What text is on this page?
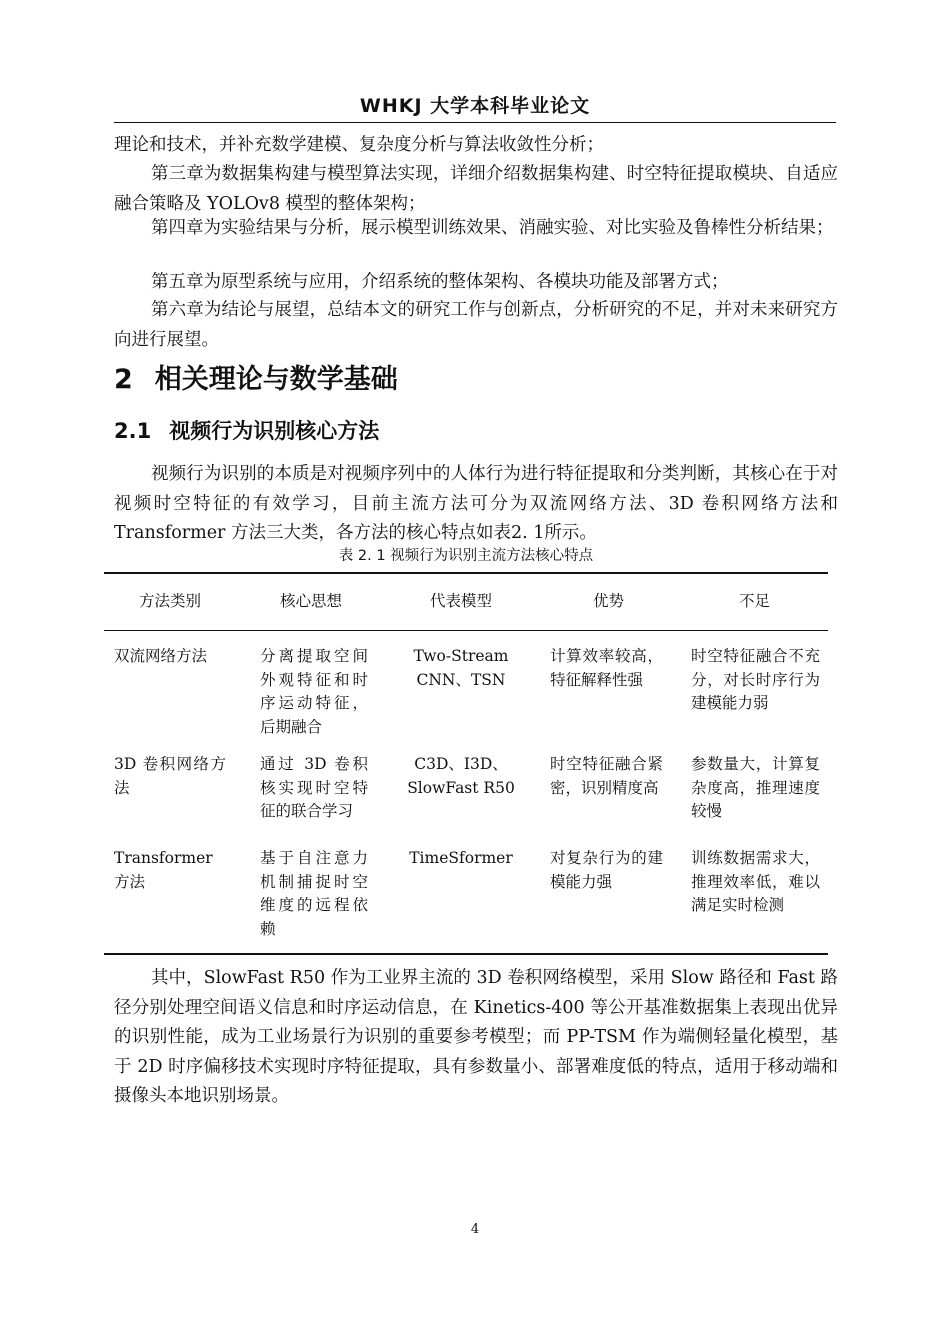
WHKJ 大学本科毕业论文

理论和技术，并补充数学建模、复杂度分析与算法收敛性分析；

第三章为数据集构建与模型算法实现，详细介绍数据集构建、时空特征提取模块、自适应融合策略及 YOLOv8 模型的整体架构；

第四章为实验结果与分析，展示模型训练效果、消融实验、对比实验及鲁棒性分析结果；

第五章为原型系统与应用，介绍系统的整体架构、各模块功能及部署方式；

第六章为结论与展望，总结本文的研究工作与创新点，分析研究的不足，并对未来研究方向进行展望。

2 相关理论与数学基础
2.1 视频行为识别核心方法

视频行为识别的本质是对视频序列中的人体行为进行特征提取和分类判断，其核心在于对视频时空特征的有效学习，目前主流方法可分为双流网络方法、3D 卷积网络方法和 Transformer 方法三大类，各方法的核心特点如表2. 1所示。

表 2. 1 视频行为识别主流方法核心特点
方法类别	核心思想	代表模型	优势	不足
双流网络方法	分离提取空间外观特征和时序运动特征，后期融合	Two-Stream CNN、TSN	计算效率较高，特征解释性强	时空特征融合不充分，对长时序行为建模能力弱
3D 卷积网络方法	通过 3D 卷积核实现时空特征的联合学习	C3D、I3D、SlowFast R50	时空特征融合紧密，识别精度高	参数量大，计算复杂度高，推理速度较慢
Transformer 方法	基于自注意力机制捕捉时空维度的远程依赖	TimeSformer	对复杂行为的建模能力强	训练数据需求大，推理效率低，难以满足实时检测

其中，SlowFast R50 作为工业界主流的 3D 卷积网络模型，采用 Slow 路径和 Fast 路径分别处理空间语义信息和时序运动信息，在 Kinetics-400 等公开基准数据集上表现出优异的识别性能，成为工业场景行为识别的重要参考模型；而 PP-TSM 作为端侧轻量化模型，基于 2D 时序偏移技术实现时序特征提取，具有参数量小、部署难度低的特点，适用于移动端和摄像头本地识别场景。

4
